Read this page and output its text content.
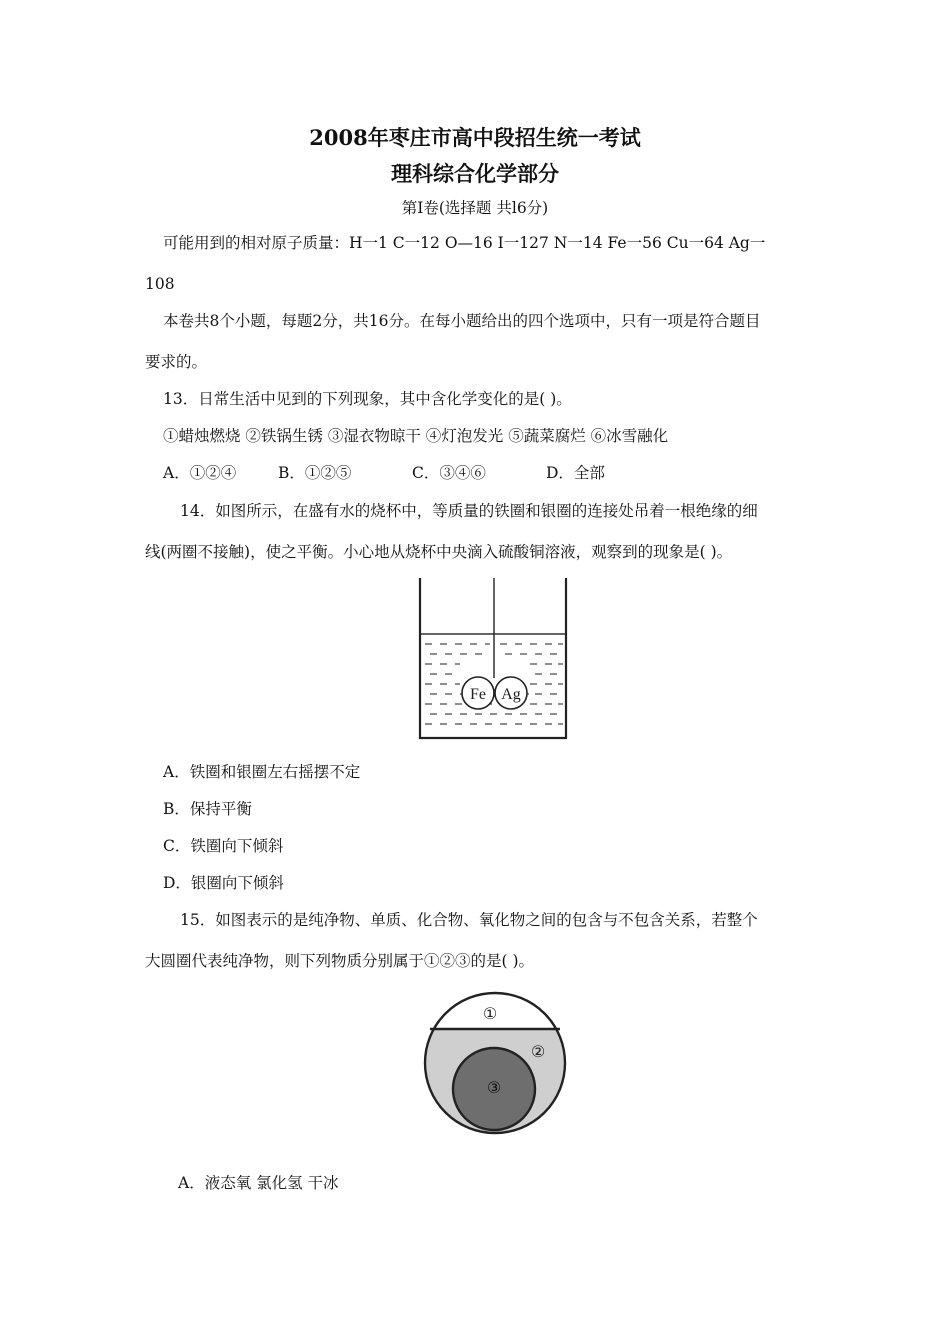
2008年枣庄市高中段招生统一考试
理科综合化学部分
第Ⅰ卷(选择题 共l6分)
可能用到的相对原子质量：H一1 C一12 O—16 I一127 N一14 Fe一56 Cu一64 Ag一
108
本卷共8个小题，每题2分，共16分。在每小题给出的四个选项中，只有一项是符合题目
要求的。
13．日常生活中见到的下列现象，其中含化学变化的是( )。
①蜡烛燃烧 ②铁锅生锈 ③湿衣物晾干 ④灯泡发光 ⑤蔬菜腐烂 ⑥冰雪融化
A．①②④	B．①②⑤	C．③④⑥	D．全部
14．如图所示，在盛有水的烧杯中，等质量的铁圈和银圈的连接处吊着一根绝缘的细
线(两圈不接触)，使之平衡。小心地从烧杯中央滴入硫酸铜溶液，观察到的现象是( )。
Fe Ag
A．铁圈和银圈左右摇摆不定
B．保持平衡
C．铁圈向下倾斜
D．银圈向下倾斜
15．如图表示的是纯净物、单质、化合物、氧化物之间的包含与不包含关系，若整个
大圆圈代表纯净物，则下列物质分别属于①②③的是( )。
①
②
③
A．液态氧 氯化氢 干冰
